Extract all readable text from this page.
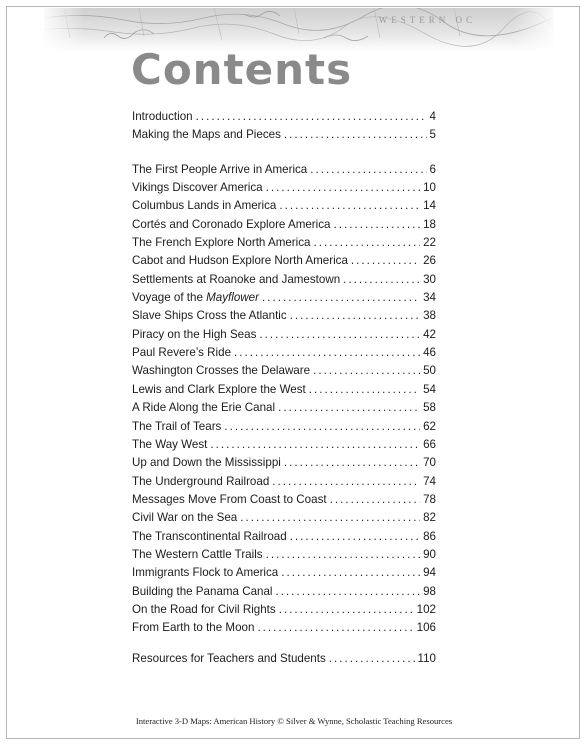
WESTERN OC
Contents
Introduction . . .	4
Making the Maps and Pieces . . .	5
The First People Arrive in America . . .	6
Vikings Discover America . . .	10
Columbus Lands in America . . .	14
Cortés and Coronado Explore America . . .	18
The French Explore North America . . .	22
Cabot and Hudson Explore North America . . .	26
Settlements at Roanoke and Jamestown . . .	30
Voyage of the Mayflower . . .	34
Slave Ships Cross the Atlantic . . .	38
Piracy on the High Seas . . .	42
Paul Revere’s Ride . . .	46
Washington Crosses the Delaware . . .	50
Lewis and Clark Explore the West . . .	54
A Ride Along the Erie Canal . . .	58
The Trail of Tears . . .	62
The Way West . . .	66
Up and Down the Mississippi . . .	70
The Underground Railroad . . .	74
Messages Move From Coast to Coast . . .	78
Civil War on the Sea . . .	82
The Transcontinental Railroad . . .	86
The Western Cattle Trails . . .	90
Immigrants Flock to America . . .	94
Building the Panama Canal . . .	98
On the Road for Civil Rights . . .	102
From Earth to the Moon . . .	106
Resources for Teachers and Students . . .	110
Interactive 3-D Maps: American History © Silver & Wynne, Scholastic Teaching Resources
